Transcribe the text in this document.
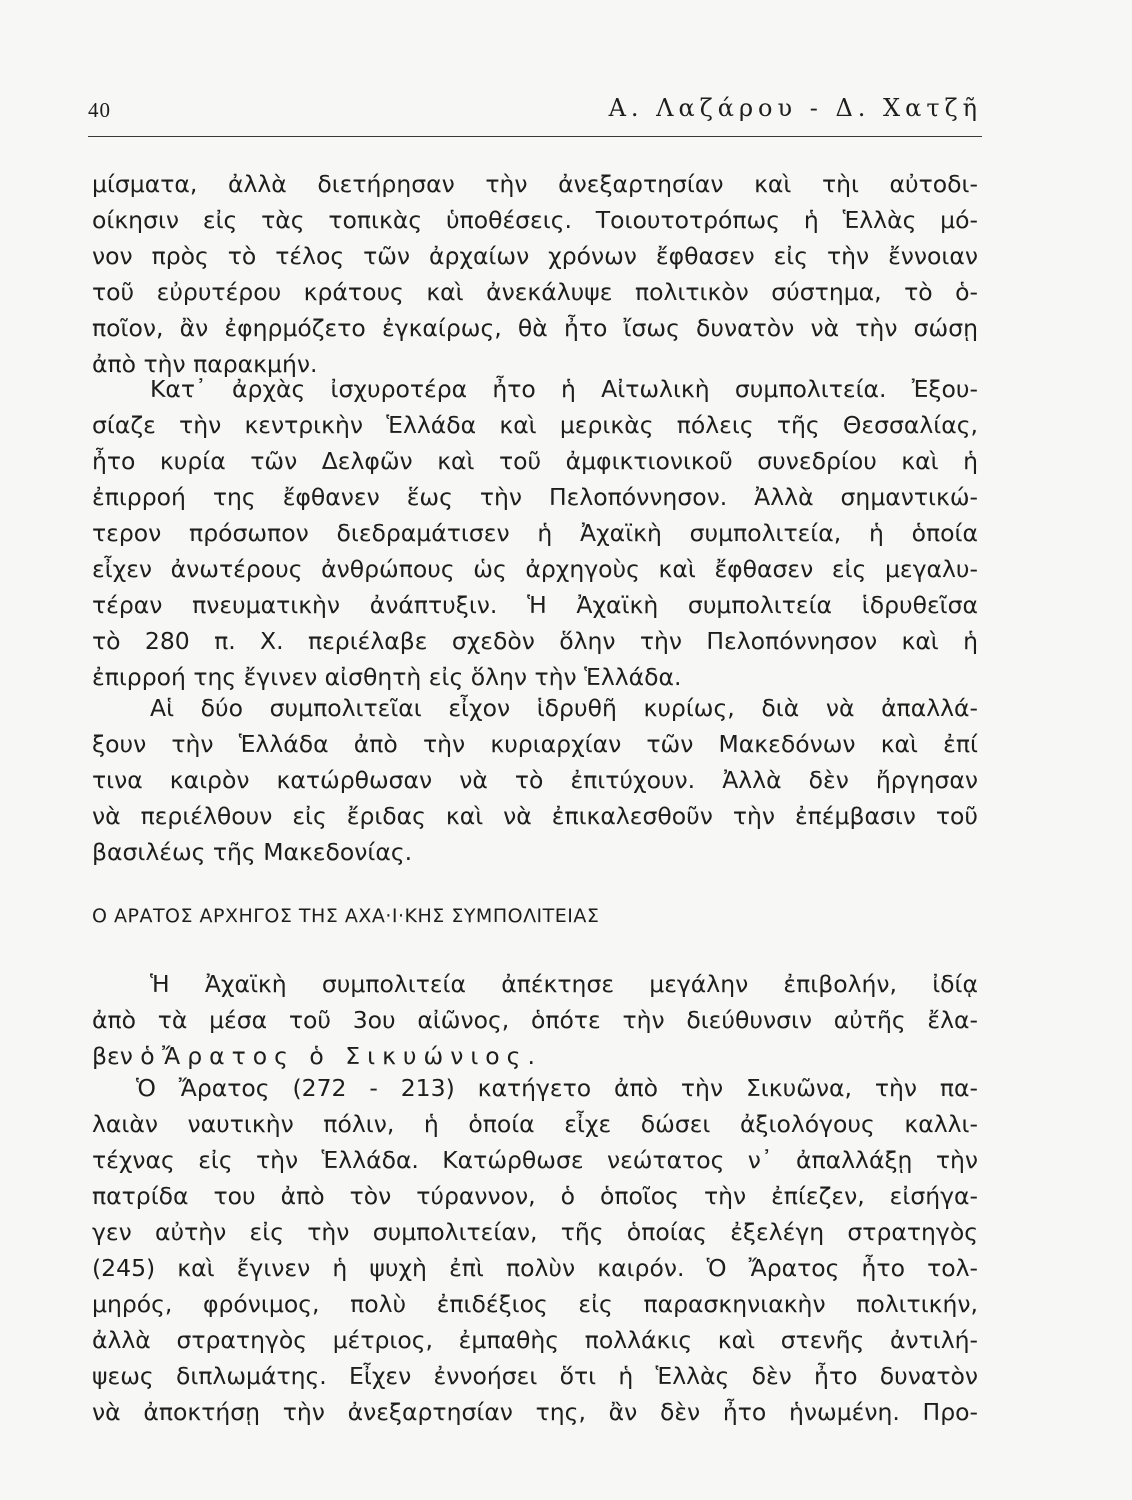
40	Α. Λαζάρου - Δ. Χατζῆ
μίσματα, ἀλλὰ διετήρησαν τὴν ἀνεξαρτησίαν καὶ τὴι αὐτοδι-
οίκησιν εἰς τὰς τοπικὰς ὑποθέσεις. Τοιουτοτρόπως ἡ Ἑλλὰς μό-
νον πρὸς τὸ τέλος τῶν ἀρχαίων χρόνων ἔφθασεν εἰς τὴν ἔννοιαν
τοῦ εὐρυτέρου κράτους καὶ ἀνεκάλυψε πολιτικὸν σύστημα, τὸ ὁ-
ποῖον, ἂν ἐφηρμόζετο ἐγκαίρως, θὰ ἦτο ἴσως δυνατὸν νὰ τὴν σώσῃ
ἀπὸ τὴν παρακμήν.
Κατ᾽ ἀρχὰς ἰσχυροτέρα ἦτο ἡ Αἰτωλικὴ συμπολιτεία. Ἐξου-
σίαζε τὴν κεντρικὴν Ἑλλάδα καὶ μερικὰς πόλεις τῆς Θεσσαλίας,
ἦτο κυρία τῶν Δελφῶν καὶ τοῦ ἀμφικτιονικοῦ συνεδρίου καὶ ἡ
ἐπιρροή της ἔφθανεν ἕως τὴν Πελοπόννησον. Ἀλλὰ σημαντικώ-
τερον πρόσωπον διεδραμάτισεν ἡ Ἀχαϊκὴ συμπολιτεία, ἡ ὁποία
εἶχεν ἀνωτέρους ἀνθρώπους ὡς ἀρχηγοὺς καὶ ἔφθασεν εἰς μεγαλυ-
τέραν πνευματικὴν ἀνάπτυξιν. Ἡ Ἀχαϊκὴ συμπολιτεία ἱδρυθεῖσα
τὸ 280 π. Χ. περιέλαβε σχεδὸν ὅλην τὴν Πελοπόννησον καὶ ἡ
ἐπιρροή της ἔγινεν αἰσθητὴ εἰς ὅλην τὴν Ἑλλάδα.
Αἱ δύο συμπολιτεῖαι εἶχον ἱδρυθῆ κυρίως, διὰ νὰ ἀπαλλά-
ξουν τὴν Ἑλλάδα ἀπὸ τὴν κυριαρχίαν τῶν Μακεδόνων καὶ ἐπί
τινα καιρὸν κατώρθωσαν νὰ τὸ ἐπιτύχουν. Ἀλλὰ δὲν ἤργησαν
νὰ περιέλθουν εἰς ἔριδας καὶ νὰ ἐπικαλεσθοῦν τὴν ἐπέμβασιν τοῦ
βασιλέως τῆς Μακεδονίας.
Ο ΑΡΑΤΟΣ ΑΡΧΗΓΟΣ ΤΗΣ ΑΧΑ·Ι·ΚΗΣ ΣΥΜΠΟΛΙΤΕΙΑΣ
Ἡ Ἀχαϊκὴ συμπολιτεία ἀπέκτησε μεγάλην ἐπιβολήν, ἰδίᾳ
ἀπὸ τὰ μέσα τοῦ 3ου αἰῶνος, ὁπότε τὴν διεύθυνσιν αὐτῆς ἔλα-
βεν ὁ Ἄρατος ὁ Σικυώνιος.
Ὁ Ἄρατος (272 - 213) κατήγετο ἀπὸ τὴν Σικυῶνα, τὴν πα-
λαιὰν ναυτικὴν πόλιν, ἡ ὁποία εἶχε δώσει ἀξιολόγους καλλι-
τέχνας εἰς τὴν Ἑλλάδα. Κατώρθωσε νεώτατος ν᾽ ἀπαλλάξῃ τὴν
πατρίδα του ἀπὸ τὸν τύραννον, ὁ ὁποῖος τὴν ἐπίεζεν, εἰσήγα-
γεν αὐτὴν εἰς τὴν συμπολιτείαν, τῆς ὁποίας ἐξελέγη στρατηγὸς
(245) καὶ ἔγινεν ἡ ψυχὴ ἐπὶ πολὺν καιρόν. Ὁ Ἄρατος ἦτο τολ-
μηρός, φρόνιμος, πολὺ ἐπιδέξιος εἰς παρασκηνιακὴν πολιτικήν,
ἀλλὰ στρατηγὸς μέτριος, ἐμπαθὴς πολλάκις καὶ στενῆς ἀντιλή-
ψεως διπλωμάτης. Εἶχεν ἐννοήσει ὅτι ἡ Ἑλλὰς δὲν ἦτο δυνατὸν
νὰ ἀποκτήσῃ τὴν ἀνεξαρτησίαν της, ἂν δὲν ἦτο ἡνωμένη. Προ-
